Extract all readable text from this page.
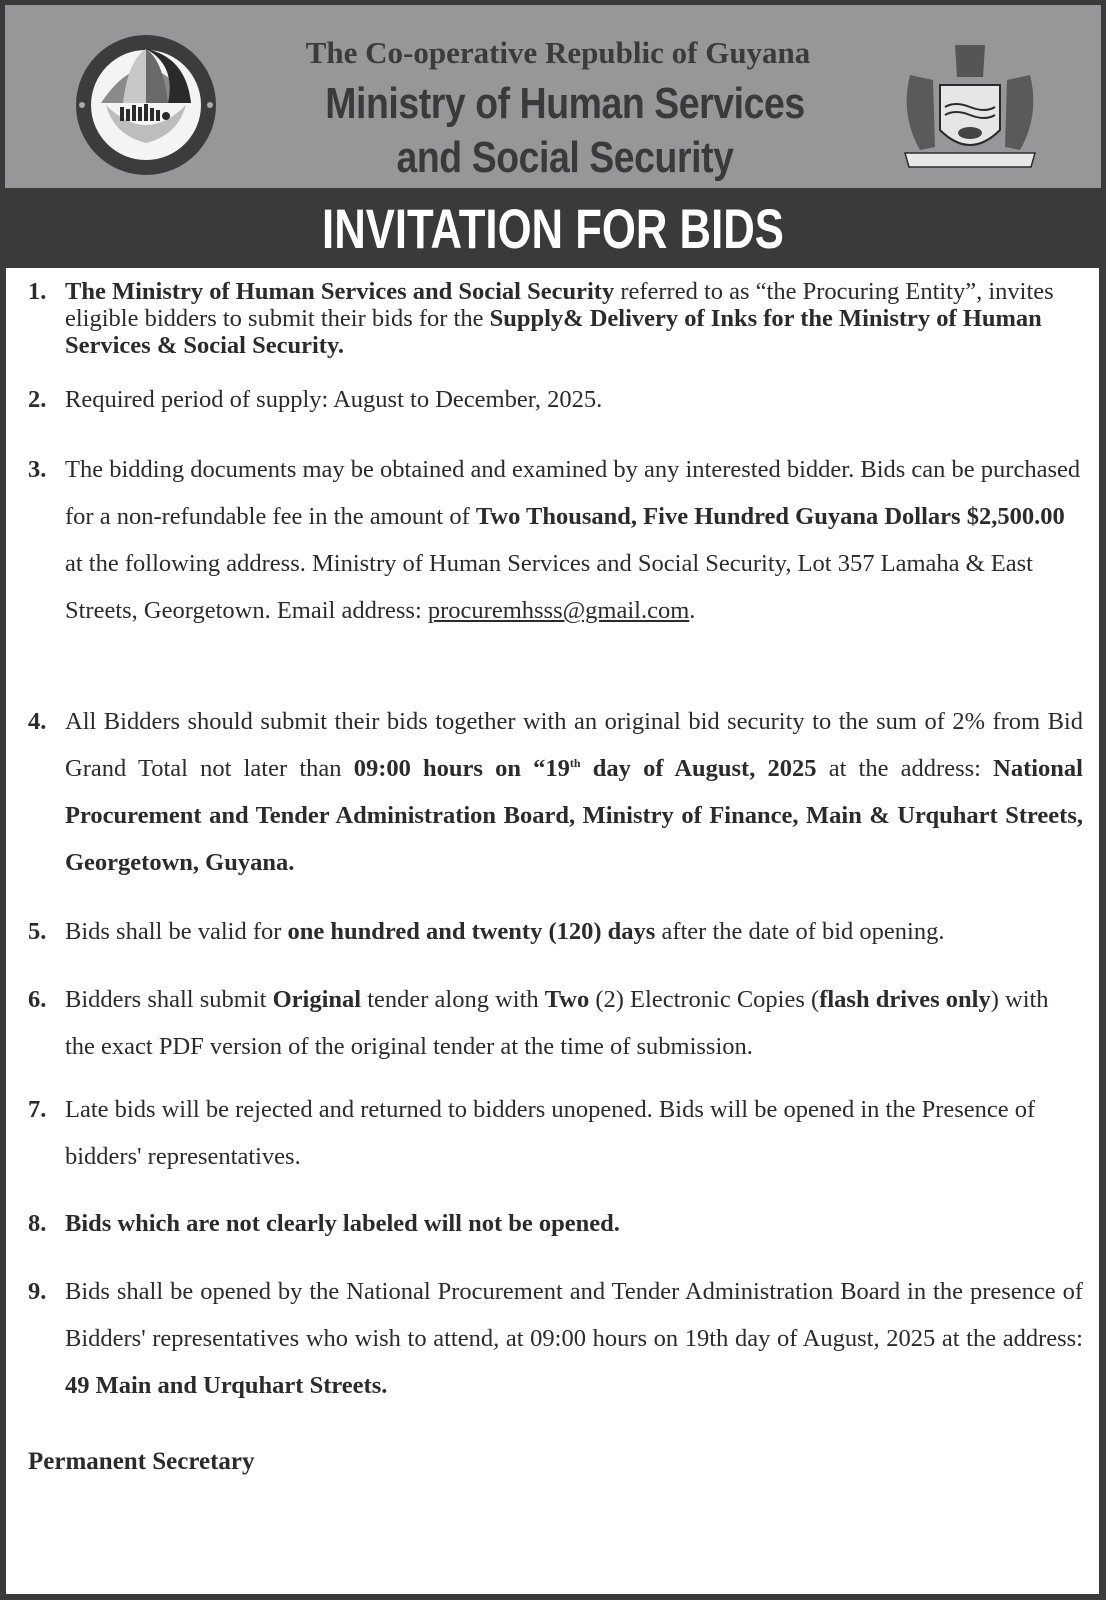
The Co-operative Republic of Guyana
Ministry of Human Services
and Social Security
INVITATION FOR BIDS
1. The Ministry of Human Services and Social Security referred to as “the Procuring Entity”, invites eligible bidders to submit their bids for the Supply& Delivery of Inks for the Ministry of Human Services & Social Security.
2. Required period of supply: August to December, 2025.
3. The bidding documents may be obtained and examined by any interested bidder. Bids can be purchased for a non-refundable fee in the amount of Two Thousand, Five Hundred Guyana Dollars $2,500.00 at the following address. Ministry of Human Services and Social Security, Lot 357 Lamaha & East Streets, Georgetown. Email address: procuremhsss@gmail.com.
4. All Bidders should submit their bids together with an original bid security to the sum of 2% from Bid Grand Total not later than 09:00 hours on “19th day of August, 2025 at the address: National Procurement and Tender Administration Board, Ministry of Finance, Main & Urquhart Streets, Georgetown, Guyana.
5. Bids shall be valid for one hundred and twenty (120) days after the date of bid opening.
6. Bidders shall submit Original tender along with Two (2) Electronic Copies (flash drives only) with the exact PDF version of the original tender at the time of submission.
7. Late bids will be rejected and returned to bidders unopened. Bids will be opened in the Presence of bidders' representatives.
8. Bids which are not clearly labeled will not be opened.
9. Bids shall be opened by the National Procurement and Tender Administration Board in the presence of Bidders' representatives who wish to attend, at 09:00 hours on 19th day of August, 2025 at the address: 49 Main and Urquhart Streets.
Permanent Secretary
